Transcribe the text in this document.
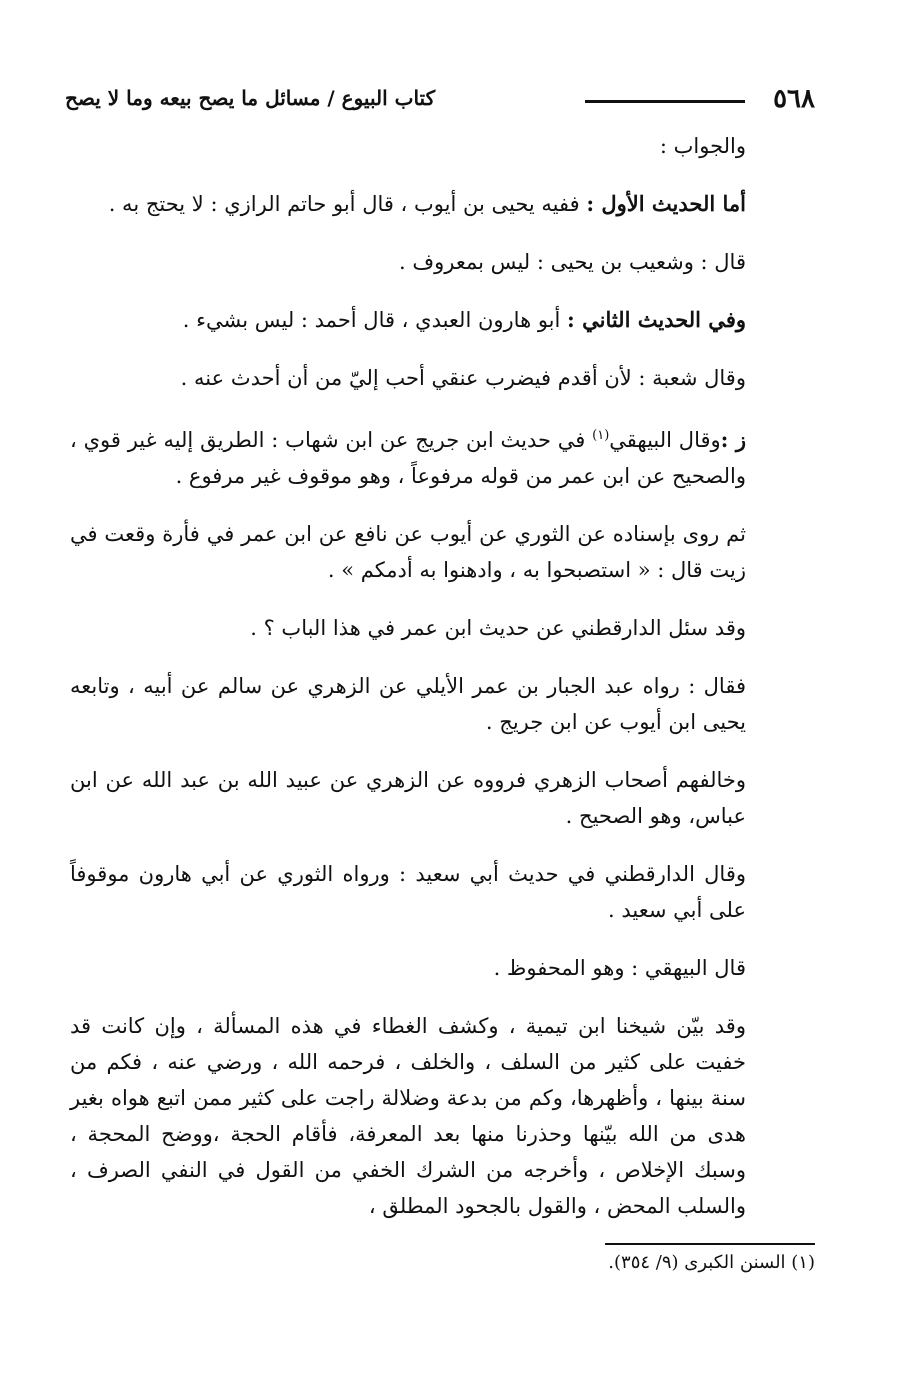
٥٦٨
كتاب البيوع / مسائل ما يصح بيعه وما لا يصح

والجواب :

أما الحديث الأول : ففيه يحيى بن أيوب ، قال أبو حاتم الرازي : لا يحتج به .

قال : وشعيب بن يحيى : ليس بمعروف .

وفي الحديث الثاني : أبو هارون العبدي ، قال أحمد : ليس بشيء .

وقال شعبة : لأن أقدم فيضرب عنقي أحب إليّ من أن أحدث عنه .

ز :وقال البيهقي$^{(١)}$ في حديث ابن جريج عن ابن شهاب : الطريق إليه غير قوي ، والصحيح عن ابن عمر من قوله مرفوعاً ، وهو موقوف غير مرفوع .

ثم روى بإسناده عن الثوري عن أيوب عن نافع عن ابن عمر في فأرة وقعت في زيت قال : « استصبحوا به ، وادهنوا به أدمكم » .

وقد سئل الدارقطني عن حديث ابن عمر في هذا الباب ؟ .

فقال : رواه عبد الجبار بن عمر الأيلي عن الزهري عن سالم عن أبيه ، وتابعه يحيى ابن أيوب عن ابن جريج .

وخالفهم أصحاب الزهري فرووه عن الزهري عن عبيد الله بن عبد الله عن ابن عباس، وهو الصحيح .

وقال الدارقطني في حديث أبي سعيد : ورواه الثوري عن أبي هارون موقوفاً على أبي سعيد .

قال البيهقي : وهو المحفوظ .

وقد بيّن شيخنا ابن تيمية ، وكشف الغطاء في هذه المسألة ، وإن كانت قد خفيت على كثير من السلف ، والخلف ، فرحمه الله ، ورضي عنه ، فكم من سنة بينها ، وأظهرها، وكم من بدعة وضلالة راجت على كثير ممن اتبع هواه بغير هدى من الله بيّنها وحذرنا منها بعد المعرفة، فأقام الحجة ،ووضح المحجة ، وسبك الإخلاص ، وأخرجه من الشرك الخفي من القول في النفي الصرف ، والسلب المحض ، والقول بالجحود المطلق ،

(١) السنن الكبرى (٩/ ٣٥٤).
